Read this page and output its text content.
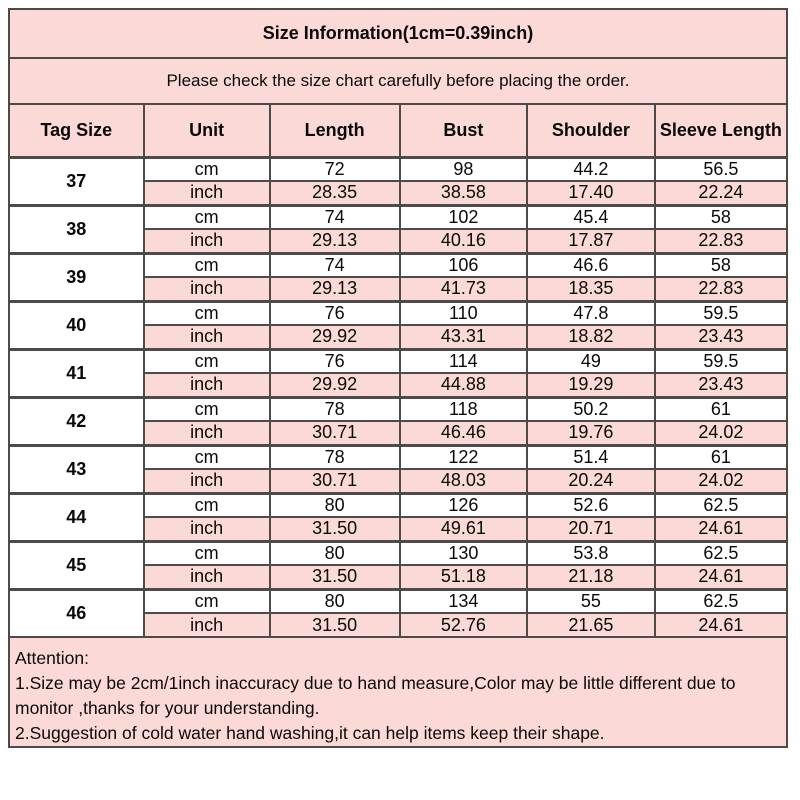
Size Information(1cm=0.39inch)
Please check the size chart carefully before placing the order.
Tag Size	Unit	Length	Bust	Shoulder	Sleeve Length
37	cm	72	98	44.2	56.5
	inch	28.35	38.58	17.40	22.24
38	cm	74	102	45.4	58
	inch	29.13	40.16	17.87	22.83
39	cm	74	106	46.6	58
	inch	29.13	41.73	18.35	22.83
40	cm	76	110	47.8	59.5
	inch	29.92	43.31	18.82	23.43
41	cm	76	114	49	59.5
	inch	29.92	44.88	19.29	23.43
42	cm	78	118	50.2	61
	inch	30.71	46.46	19.76	24.02
43	cm	78	122	51.4	61
	inch	30.71	48.03	20.24	24.02
44	cm	80	126	52.6	62.5
	inch	31.50	49.61	20.71	24.61
45	cm	80	130	53.8	62.5
	inch	31.50	51.18	21.18	24.61
46	cm	80	134	55	62.5
	inch	31.50	52.76	21.65	24.61
Attention:
1.Size may be 2cm/1inch inaccuracy due to hand measure,Color may be little different due to monitor ,thanks for your understanding.
2.Suggestion of cold water hand washing,it can help items keep their shape.
